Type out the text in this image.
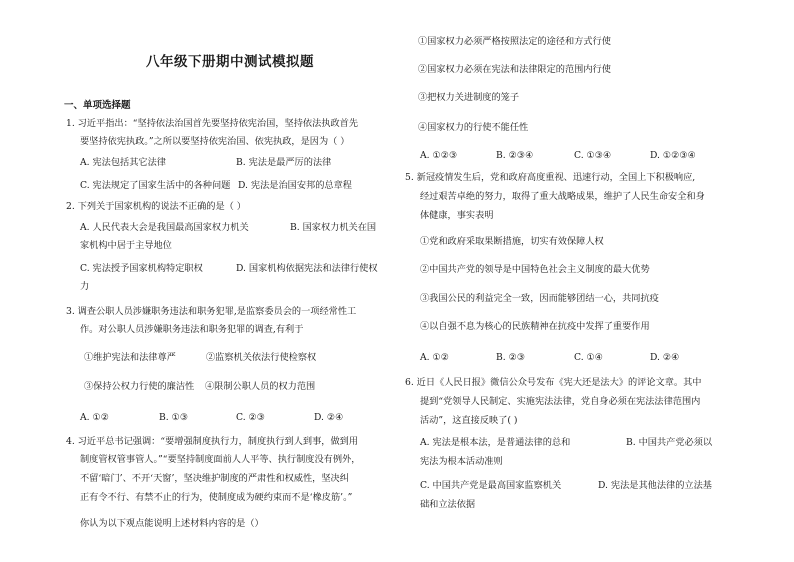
八年级下册期中测试模拟题
一、单项选择题
1. 习近平指出：“坚持依法治国首先要坚持依宪治国，坚持依法执政首先
要坚持依宪执政。”之所以要坚持依宪治国、依宪执政，是因为（ ）
A. 宪法包括其它法律	B. 宪法是最严厉的法律
C. 宪法规定了国家生活中的各种问题 D. 宪法是治国安邦的总章程
2. 下列关于国家机构的说法不正确的是（ ）
A. 人民代表大会是我国最高国家权力机关	B. 国家权力机关在国
家机构中居于主导地位
C. 宪法授予国家机构特定职权	D. 国家机构依据宪法和法律行使权
力
3. 调查公职人员涉嫌职务违法和职务犯罪,是监察委员会的一项经常性工
作。对公职人员涉嫌职务违法和职务犯罪的调查,有利于
①维护宪法和法律尊严	②监察机关依法行使检察权
③保持公权力行使的廉洁性 ④限制公职人员的权力范围
A. ①②	B. ①③	C. ②③	D. ②④
4. 习近平总书记强调：“要增强制度执行力，制度执行到人到事，做到用
制度管权管事管人。”“要坚持制度面前人人平等、执行制度没有例外，
不留‘暗门’、不开‘天窗’，坚决维护制度的严肃性和权威性，坚决纠
正有令不行、有禁不止的行为，使制度成为硬约束而不是‘橡皮筋’。”
你认为以下观点能说明上述材料内容的是（）
①国家权力必须严格按照法定的途径和方式行使
②国家权力必须在宪法和法律限定的范围内行使
③把权力关进制度的笼子
④国家权力的行使不能任性
A. ①②③	B. ②③④	C. ①③④	D. ①②③④
5. 新冠疫情发生后，党和政府高度重视、迅速行动，全国上下积极响应,
经过艰苦卓绝的努力，取得了重大战略成果，维护了人民生命安全和身
体健康，事实表明
①党和政府采取果断措施，切实有效保障人权
②中国共产党的领导是中国特色社会主义制度的最大优势
③我国公民的利益完全一致，因而能够团结一心，共同抗疫
④以自强不息为核心的民族精神在抗疫中发挥了重要作用
A. ①②	B. ②③	C. ①④	D. ②④
6. 近日《人民日报》微信公众号发布《宪大还是法大》的评论文章。其中
提到“党领导人民制定、实施宪法法律，党自身必须在宪法法律范围内
活动”，这直接反映了( )
A. 宪法是根本法，是普通法律的总和	B. 中国共产党必须以
宪法为根本活动准则
C. 中国共产党是最高国家监察机关	D. 宪法是其他法律的立法基
础和立法依据
